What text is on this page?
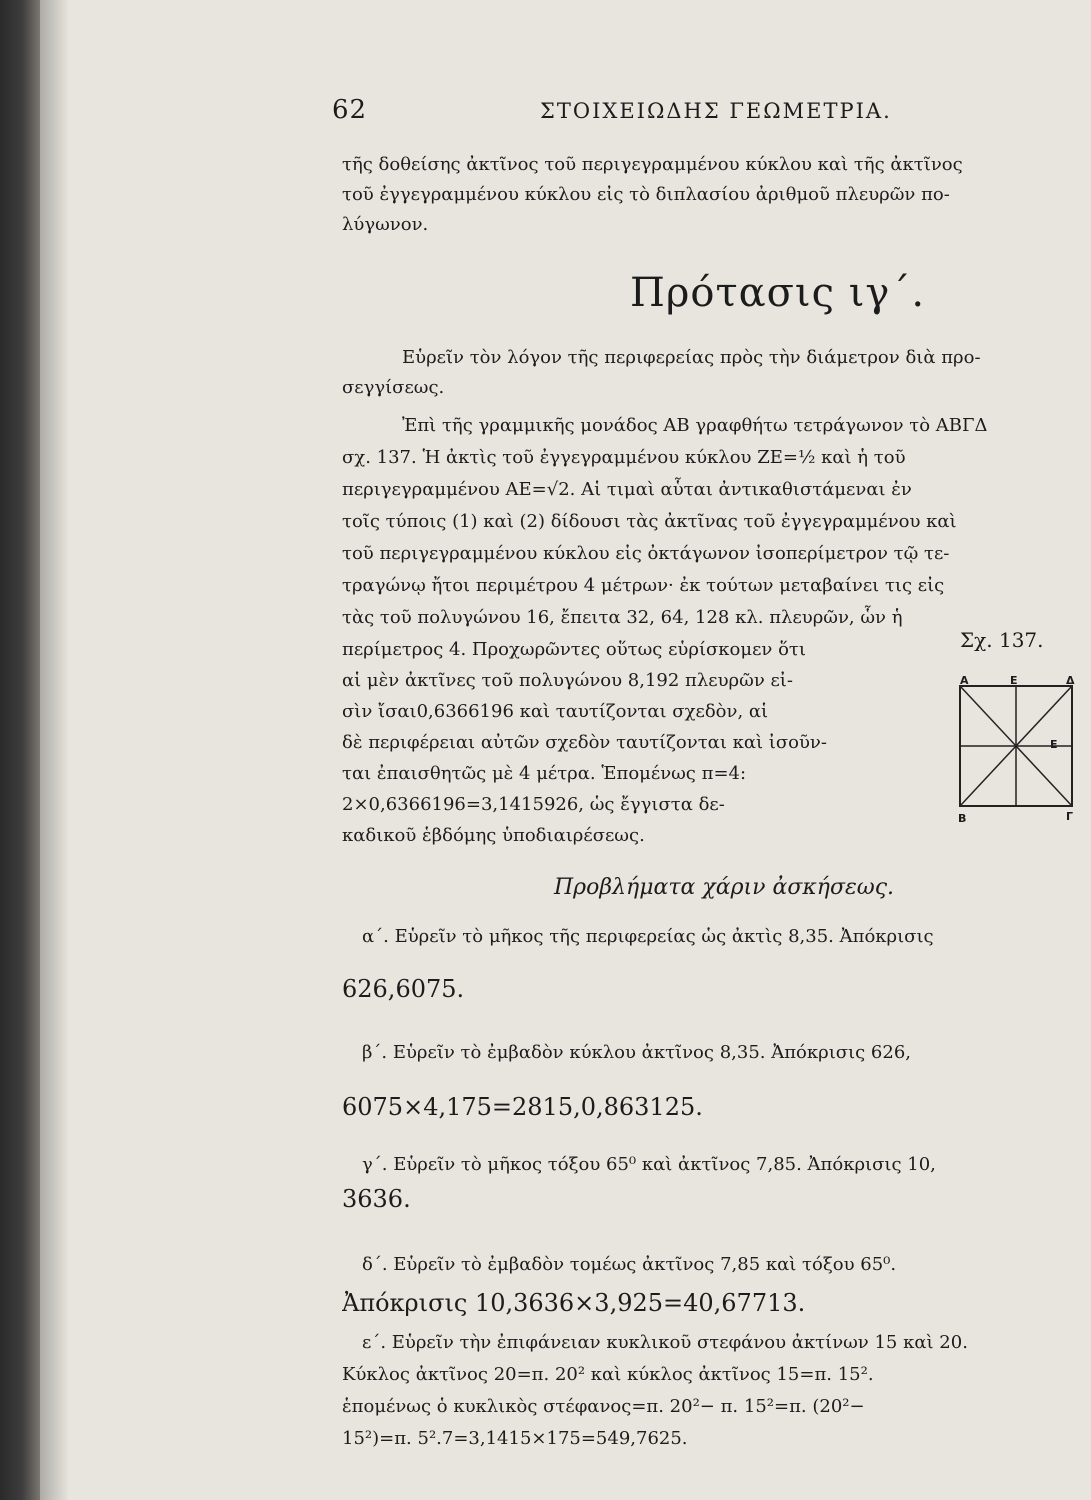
62	ΣΤΟΙΧΕΙΩΔΗΣ ΓΕΩΜΕΤΡΙΑ.

τῆς δοθείσης ἀκτῖνος τοῦ περιγεγραμμένου κύκλου καὶ τῆς ἀκτῖνος
τοῦ ἐγγεγραμμένου κύκλου εἰς τὸ διπλασίου ἀριθμοῦ πλευρῶν πο-
λύγωνον.

Πρότασις ιγ΄.

Εὑρεῖν τὸν λόγον τῆς περιφερείας πρὸς τὴν διάμετρον διὰ προ-
σεγγίσεως.

Ἐπὶ τῆς γραμμικῆς μονάδος ΑΒ γραφθήτω τετράγωνον τὸ ΑΒΓΔ
σχ. 137. Ἡ ἀκτὶς τοῦ ἐγγεγραμμένου κύκλου ΖΕ=½ καὶ ἡ τοῦ
περιγεγραμμένου ΑΕ=√2. Αἱ τιμαὶ αὗται ἀντικαθιστάμεναι ἐν
τοῖς τύποις (1) καὶ (2) δίδουσι τὰς ἀκτῖνας τοῦ ἐγγεγραμμένου καὶ
τοῦ περιγεγραμμένου κύκλου εἰς ὀκτάγωνον ἰσοπερίμετρον τῷ τε-
τραγώνῳ ἤτοι περιμέτρου 4 μέτρων· ἐκ τούτων μεταβαίνει τις εἰς
τὰς τοῦ πολυγώνου 16, ἔπειτα 32, 64, 128 κλ. πλευρῶν, ὧν ἡ

περίμετρος 4. Προχωρῶντες οὕτως εὑρίσκομεν ὅτι
αἱ μὲν ἀκτῖνες τοῦ πολυγώνου 8,192 πλευρῶν εἰ-
σὶν ἴσαι0,6366196 καὶ ταυτίζονται σχεδὸν, αἱ
δὲ περιφέρειαι αὐτῶν σχεδὸν ταυτίζονται καὶ ἰσοῦν-
ται ἐπαισθητῶς μὲ 4 μέτρα. Ἑπομένως π=4:
2×0,6366196=3,1415926, ὡς ἔγγιστα δε-
καδικοῦ ἑβδόμης ὑποδιαιρέσεως.

Σχ. 137.
Α	Ε	Δ
Ε
Β	Γ
Προβλήματα χάριν ἀσκήσεως.
α΄. Εὑρεῖν τὸ μῆκος τῆς περιφερείας ὡς ἀκτὶς 8,35. Ἀπόκρισις
626,6075.
β΄. Εὑρεῖν τὸ ἐμβαδὸν κύκλου ἀκτῖνος 8,35. Ἀπόκρισις 626,
6075×4,175=2815,0,863125.
γ΄. Εὑρεῖν τὸ μῆκος τόξου 65⁰ καὶ ἀκτῖνος 7,85. Ἀπόκρισις 10,
3636.
δ΄. Εὑρεῖν τὸ ἐμβαδὸν τομέως ἀκτῖνος 7,85 καὶ τόξου 65⁰.
Ἀπόκρισις 10,3636×3,925=40,67713.
ε΄. Εὑρεῖν τὴν ἐπιφάνειαν κυκλικοῦ στεφάνου ἀκτίνων 15 καὶ 20.
Κύκλος ἀκτῖνος 20=π. 20² καὶ κύκλος ἀκτῖνος 15=π. 15².
ἑπομένως ὁ κυκλικὸς στέφανος=π. 20²− π. 15²=π. (20²−
15²)=π. 5².7=3,1415×175=549,7625.
